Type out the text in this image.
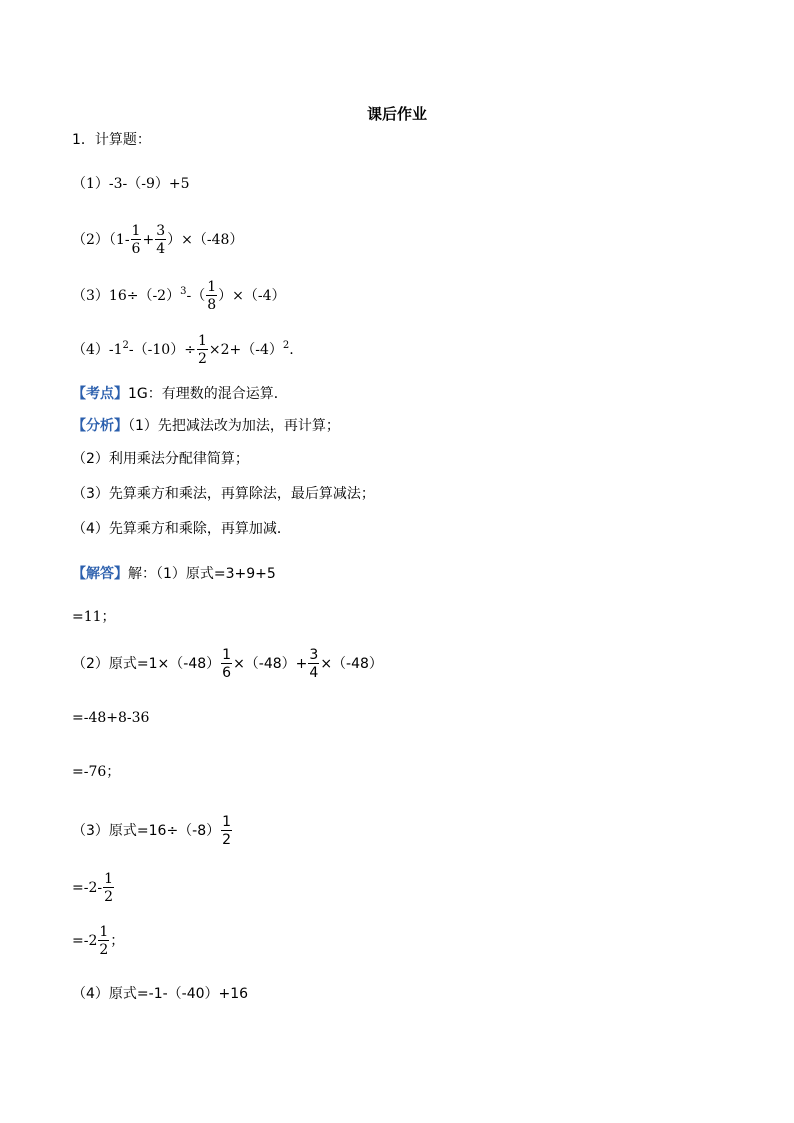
课后作业
1．计算题：
（1）-3-（-9）+5
$(2)(1- \frac{1}{6} + \frac{3}{4} )\times(-48)$
$(3)16\div(-2)^3-( \frac{1}{8} )\times(-4)$
$(4)-1^2-(-10)\div \frac{1}{2} \times 2+(-4)^2$.
【考点】1G：有理数的混合运算．
【分析】（1）先把减法改为加法，再计算；
（2）利用乘法分配律简算；
（3）先算乘方和乘法，再算除法，最后算减法；
（4）先算乘方和乘除，再算加减．
【解答】解：（1）原式=3+9+5
=11；
（2）原式$=1\times(-48) \frac{1}{6} \times(-48)+ \frac{3}{4} \times(-48)$
=-48+8-36
=-76；
（3）原式$=16\div(-8) \frac{1}{2}$
$=-2- \frac{1}{2}$
$=-2 \frac{1}{2}$ ；
（4）原式=-1-（-40）+16
